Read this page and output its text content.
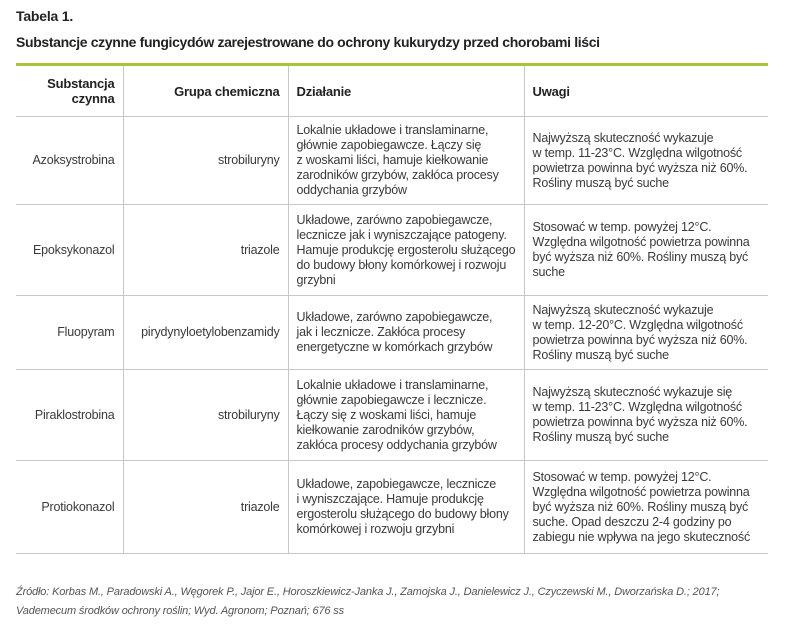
Tabela 1.
Substancje czynne fungicydów zarejestrowane do ochrony kukurydzy przed chorobami liści
Substancja
czynna	Grupa chemiczna	Działanie	Uwagi
Azoksystrobina	strobiluryny	Lokalnie układowe i translaminarne,
głównie zapobiegawcze. Łączy się
z woskami liści, hamuje kiełkowanie
zarodników grzybów, zakłóca procesy
oddychania grzybów	Najwyższą skuteczność wykazuje
w temp. 11-23°C. Względna wilgotność
powietrza powinna być wyższa niż 60%.
Rośliny muszą być suche
Epoksykonazol	triazole	Układowe, zarówno zapobiegawcze,
lecznicze jak i wyniszczające patogeny.
Hamuje produkcję ergosterolu służącego
do budowy błony komórkowej i rozwoju
grzybni	Stosować w temp. powyżej 12°C.
Względna wilgotność powietrza powinna
być wyższa niż 60%. Rośliny muszą być
suche
Fluopyram	pirydynyloetylobenzamidy	Układowe, zarówno zapobiegawcze,
jak i lecznicze. Zakłóca procesy
energetyczne w komórkach grzybów	Najwyższą skuteczność wykazuje
w temp. 12-20°C. Względna wilgotność
powietrza powinna być wyższa niż 60%.
Rośliny muszą być suche
Piraklostrobina	strobiluryny	Lokalnie układowe i translaminarne,
głównie zapobiegawcze i lecznicze.
Łączy się z woskami liści, hamuje
kiełkowanie zarodników grzybów,
zakłóca procesy oddychania grzybów	Najwyższą skuteczność wykazuje się
w temp. 11-23°C. Względna wilgotność
powietrza powinna być wyższa niż 60%.
Rośliny muszą być suche
Protiokonazol	triazole	Układowe, zapobiegawcze, lecznicze
i wyniszczające. Hamuje produkcję
ergosterolu służącego do budowy błony
komórkowej i rozwoju grzybni	Stosować w temp. powyżej 12°C.
Względna wilgotność powietrza powinna
być wyższa niż 60%. Rośliny muszą być
suche. Opad deszczu 2-4 godziny po
zabiegu nie wpływa na jego skuteczność
Źródło: Korbas M., Paradowski A., Węgorek P., Jajor E., Horoszkiewicz-Janka J., Zamojska J., Danielewicz J., Czyczewski M., Dworzańska D.; 2017; Vademecum środków ochrony roślin; Wyd. Agronom; Poznań; 676 ss
